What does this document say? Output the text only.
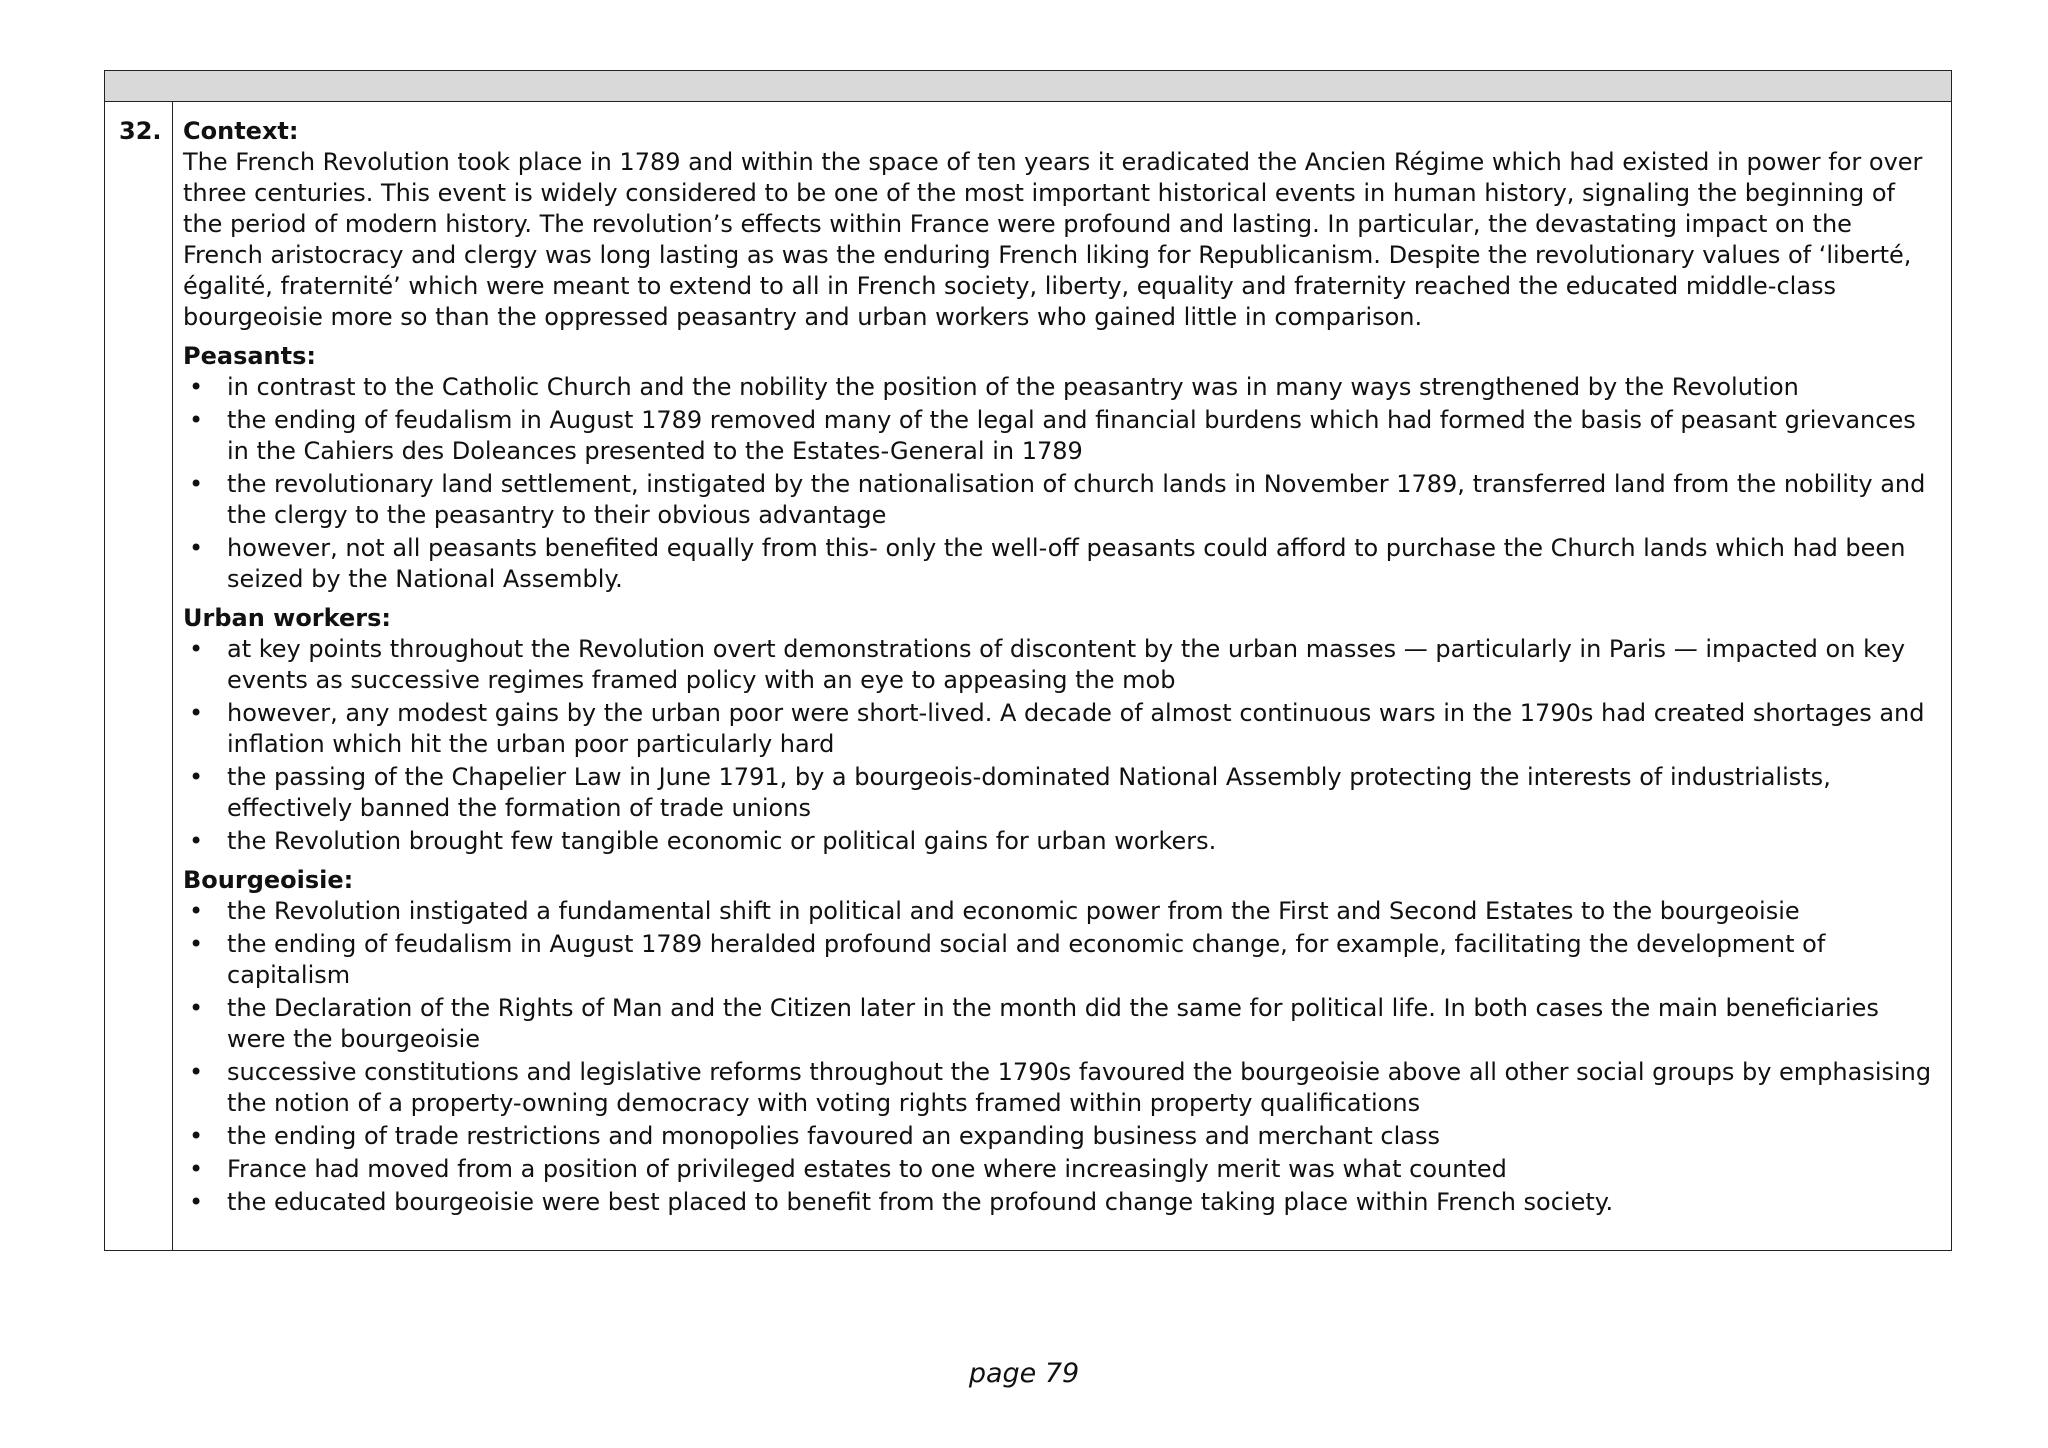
32. Context:

The French Revolution took place in 1789 and within the space of ten years it eradicated the Ancien Régime which had existed in power for over three centuries. This event is widely considered to be one of the most important historical events in human history, signaling the beginning of the period of modern history. The revolution’s effects within France were profound and lasting. In particular, the devastating impact on the French aristocracy and clergy was long lasting as was the enduring French liking for Republicanism. Despite the revolutionary values of ‘liberté, égalité, fraternité’ which were meant to extend to all in French society, liberty, equality and fraternity reached the educated middle-class bourgeoisie more so than the oppressed peasantry and urban workers who gained little in comparison.

Peasants:

• in contrast to the Catholic Church and the nobility the position of the peasantry was in many ways strengthened by the Revolution
• the ending of feudalism in August 1789 removed many of the legal and financial burdens which had formed the basis of peasant grievances in the Cahiers des Doleances presented to the Estates-General in 1789
• the revolutionary land settlement, instigated by the nationalisation of church lands in November 1789, transferred land from the nobility and the clergy to the peasantry to their obvious advantage
• however, not all peasants benefited equally from this- only the well-off peasants could afford to purchase the Church lands which had been seized by the National Assembly.

Urban workers:

• at key points throughout the Revolution overt demonstrations of discontent by the urban masses — particularly in Paris — impacted on key events as successive regimes framed policy with an eye to appeasing the mob
• however, any modest gains by the urban poor were short-lived. A decade of almost continuous wars in the 1790s had created shortages and inflation which hit the urban poor particularly hard
• the passing of the Chapelier Law in June 1791, by a bourgeois-dominated National Assembly protecting the interests of industrialists, effectively banned the formation of trade unions
• the Revolution brought few tangible economic or political gains for urban workers.

Bourgeoisie:

• the Revolution instigated a fundamental shift in political and economic power from the First and Second Estates to the bourgeoisie
• the ending of feudalism in August 1789 heralded profound social and economic change, for example, facilitating the development of capitalism
• the Declaration of the Rights of Man and the Citizen later in the month did the same for political life. In both cases the main beneficiaries were the bourgeoisie
• successive constitutions and legislative reforms throughout the 1790s favoured the bourgeoisie above all other social groups by emphasising the notion of a property-owning democracy with voting rights framed within property qualifications
• the ending of trade restrictions and monopolies favoured an expanding business and merchant class
• France had moved from a position of privileged estates to one where increasingly merit was what counted
• the educated bourgeoisie were best placed to benefit from the profound change taking place within French society.
page 79
